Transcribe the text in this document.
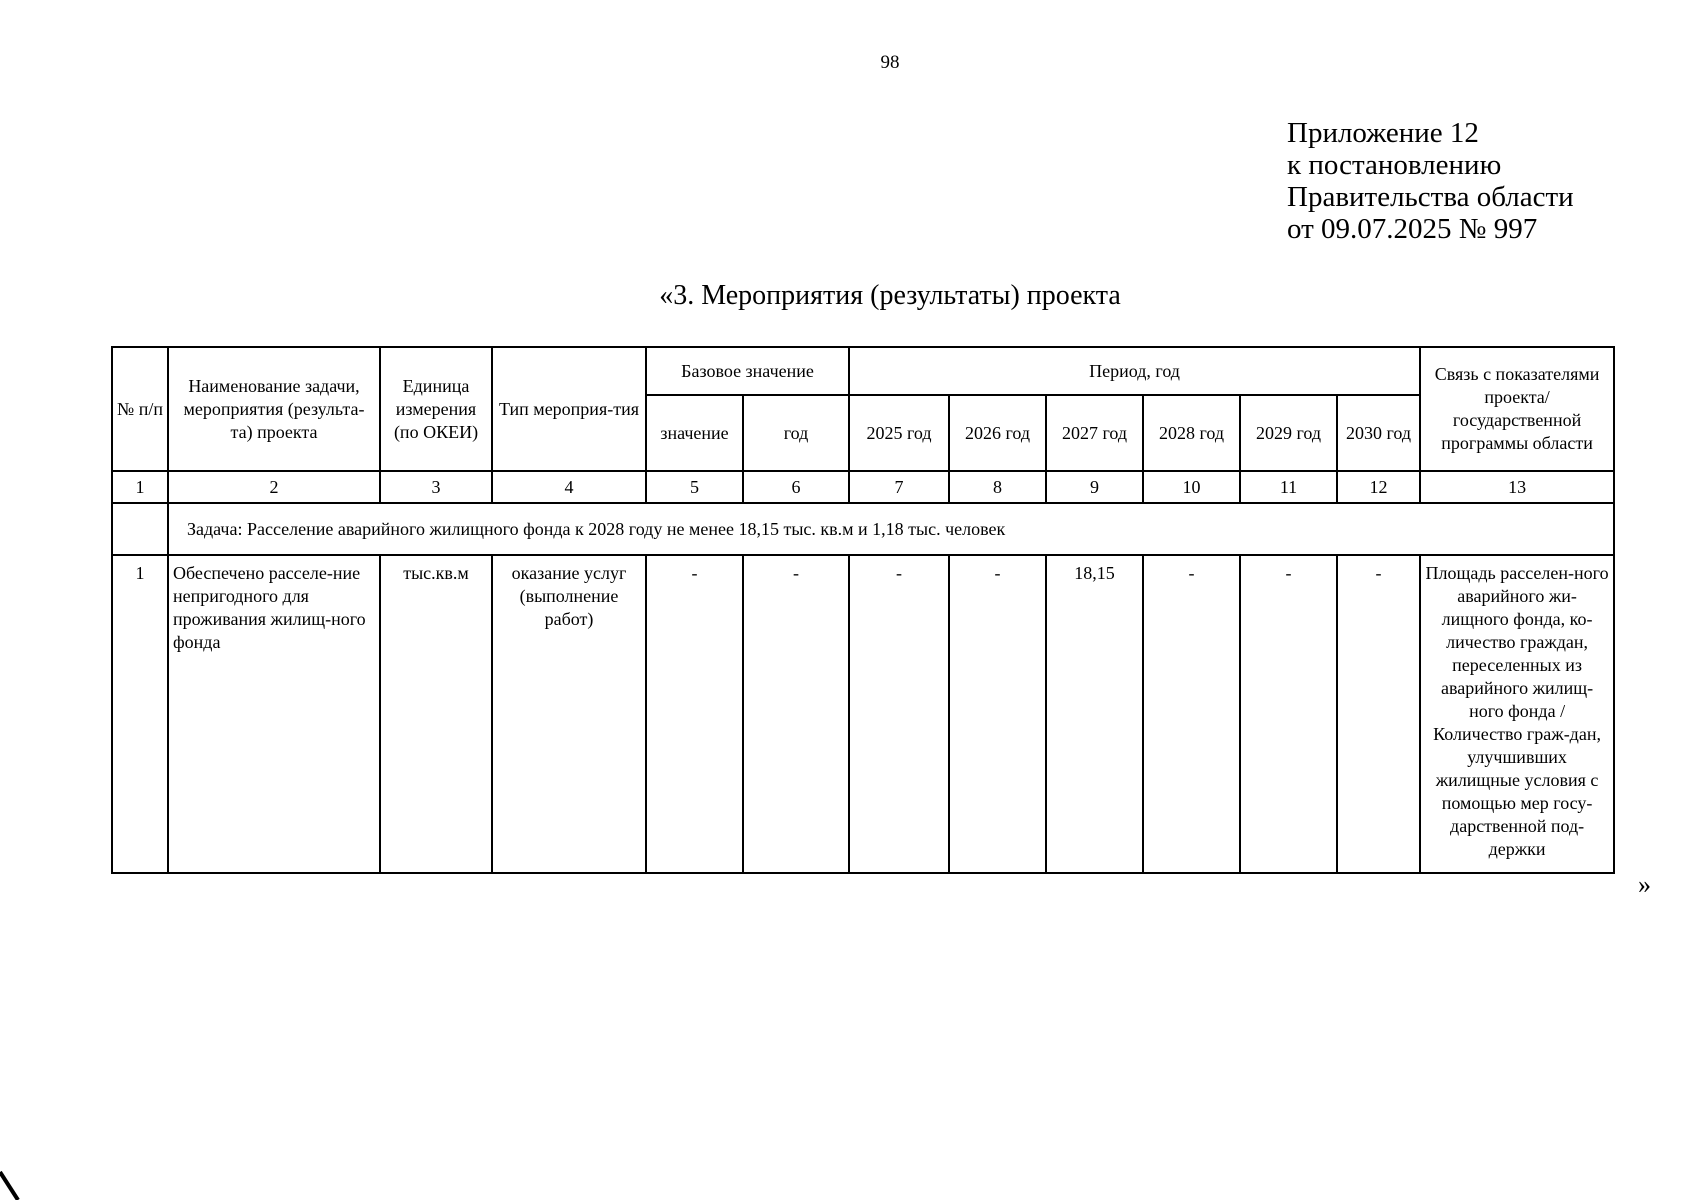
98
Приложение 12
к постановлению
Правительства области
от 09.07.2025 № 997
«3. Мероприятия (результаты) проекта
№ п/п	Наименование задачи, мероприятия (результа-та) проекта	Единица измерения (по ОКЕИ)	Тип мероприя-тия	Базовое значение		Период, год						Связь с показателями проекта/ государственной программы области
				значение	год	2025 год	2026 год	2027 год	2028 год	2029 год	2030 год	
1	2	3	4	5	6	7	8	9	10	11	12	13
	Задача: Расселение аварийного жилищного фонда к 2028 году не менее 18,15 тыс. кв.м и 1,18 тыс. человек											
1	Обеспечено расселе-ние непригодного для проживания жилищ-ного фонда	тыс.кв.м	оказание услуг (выполнение работ)	-	-	-	-	18,15	-	-	-	Площадь расселен-ного аварийного жи-лищного фонда, ко-личество граждан, переселенных из аварийного жилищ-ного фонда /Количество граж-дан, улучшивших жилищные условия с помощью мер госу-дарственной под-держки
»
